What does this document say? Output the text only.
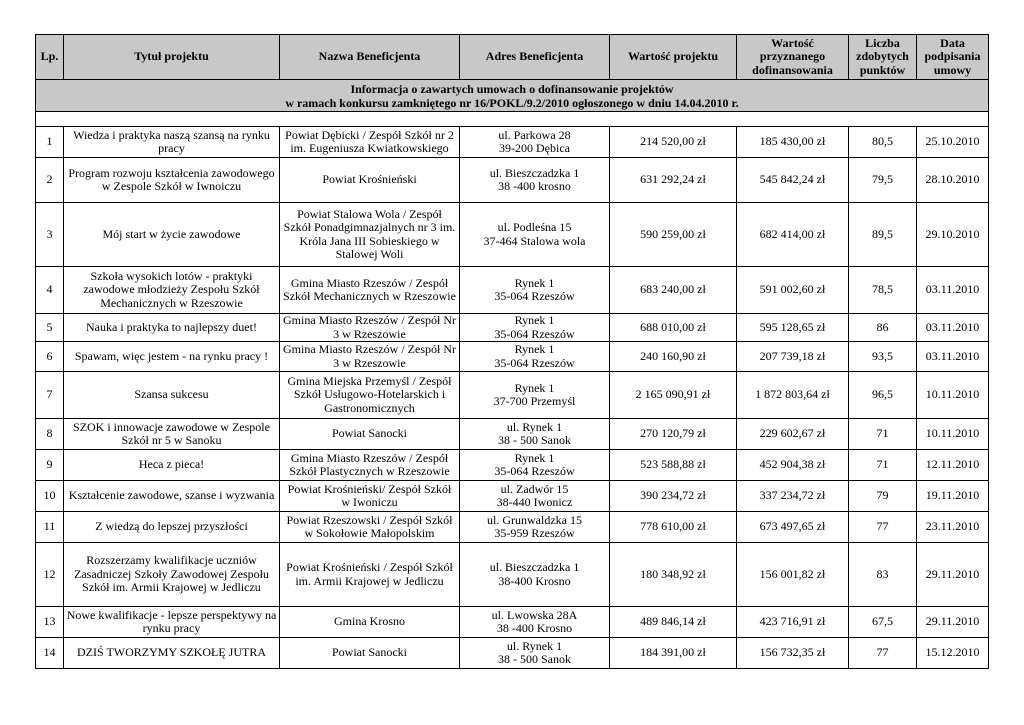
Informacja o zawartych umowach o dofinansowanie projektów
w ramach konkursu zamkniętego nr 16/POKL/9.2/2010 ogłoszonego w dniu 14.04.2010 r.							

Lp.	Tytuł projektu	Nazwa Beneficjenta	Adres Beneficjenta	Wartość projektu	Wartość przyznanego dofinansowania	Liczba zdobytych punktów	Data podpisania umowy
1	Wiedza i praktyka naszą szansą na rynku pracy	Powiat Dębicki / Zespół Szkół nr 2 im. Eugeniusza Kwiatkowskiego	ul. Parkowa 28
39-200 Dębica	214 520,00 zł	185 430,00 zł	80,5	25.10.2010
2	Program rozwoju kształcenia zawodowego w Zespole Szkół w Iwnoiczu	Powiat Krośnieński	ul. Bieszczadzka 1
38 -400 krosno	631 292,24 zł	545 842,24 zł	79,5	28.10.2010
3	Mój start w życie zawodowe	Powiat Stalowa Wola / Zespół Szkół Ponadgimnazjalnych nr 3 im. Króla Jana III Sobieskiego w Stalowej Woli	ul. Podleśna 15
37-464 Stalowa wola	590 259,00 zł	682 414,00 zł	89,5	29.10.2010
4	Szkoła wysokich lotów - praktyki zawodowe młodzieży Zespołu Szkół Mechanicznych w Rzeszowie	Gmina Miasto Rzeszów / Zespół Szkół Mechanicznych w Rzeszowie	Rynek 1
35-064 Rzeszów	683 240,00 zł	591 002,60 zł	78,5	03.11.2010
5	Nauka i praktyka to najlepszy duet!	Gmina Miasto Rzeszów / Zespół Nr 3 w Rzeszowie	Rynek 1
35-064 Rzeszów	688 010,00 zł	595 128,65 zł	86	03.11.2010
6	Spawam, więc jestem - na rynku pracy !	Gmina Miasto Rzeszów / Zespół Nr 3 w Rzeszowie	Rynek 1
35-064 Rzeszów	240 160,90 zł	207 739,18 zł	93,5	03.11.2010
7	Szansa sukcesu	Gmina Miejska Przemyśl / Zespół Szkół Usługowo-Hotelarskich i Gastronomicznych	Rynek 1
37-700 Przemyśl	2 165 090,91 zł	1 872 803,64 zł	96,5	10.11.2010
8	SZOK i innowacje zawodowe w Zespole Szkół nr 5 w Sanoku	Powiat Sanocki	ul. Rynek 1
38 - 500 Sanok	270 120,79 zł	229 602,67 zł	71	10.11.2010
9	Heca z pieca!	Gmina Miasto Rzeszów / Zespół Szkół Plastycznych w Rzeszowie	Rynek 1
35-064 Rzeszów	523 588,88 zł	452 904,38 zł	71	12.11.2010
10	Kształcenie zawodowe, szanse i wyzwania	Powiat Krośnieński/ Zespół Szkół w Iwoniczu	ul. Zadwór 15
38-440 Iwonicz	390 234,72 zł	337 234,72 zł	79	19.11.2010
11	Z wiedzą do lepszej przyszłości	Powiat Rzeszowski / Zespół Szkół w Sokołowie Małopolskim	ul. Grunwaldzka 15
35-959 Rzeszów	778 610,00 zł	673 497,65 zł	77	23.11.2010
12	Rozszerzamy kwalifikacje uczniów Zasadniczej Szkoły Zawodowej Zespołu Szkół im. Armii Krajowej w Jedliczu	Powiat Krośnieński / Zespół Szkół im. Armii Krajowej w Jedliczu	ul. Bieszczadzka 1
38-400 Krosno	180 348,92 zł	156 001,82 zł	83	29.11.2010
13	Nowe kwalifikacje - lepsze perspektywy na rynku pracy	Gmina Krosno	ul. Lwowska 28A
38 -400 Krosno	489 846,14 zł	423 716,91 zł	67,5	29.11.2010
14	DZIŚ TWORZYMY SZKOŁĘ JUTRA	Powiat Sanocki	ul. Rynek 1
38 - 500 Sanok	184 391,00 zł	156 732,35 zł	77	15.12.2010
